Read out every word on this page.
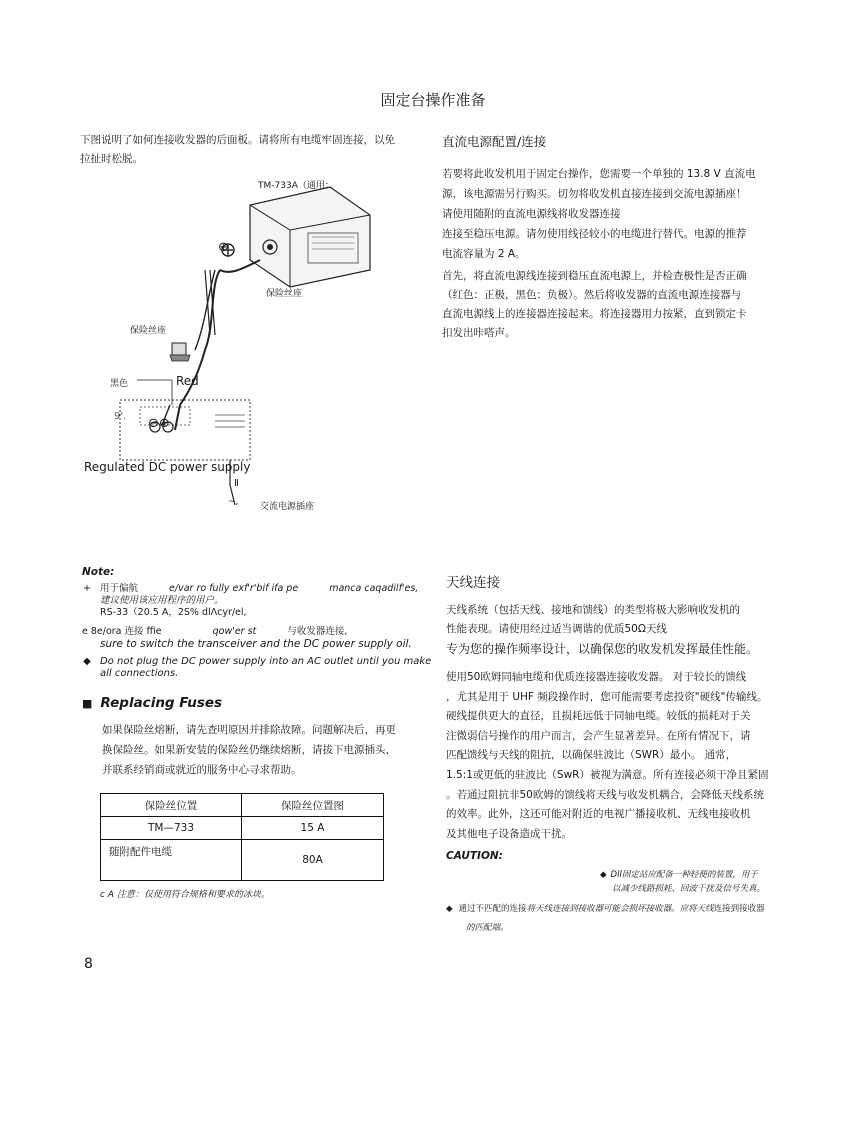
固定台操作准备

下图说明了如何连接收发器的后面板。请将所有电缆牢固连接，以免

拉扯时松脱。

TM-733A（通用；
⊕
保险丝座
保险丝座
黑色	Red
9'. ⊖⊕
Regulated DC power supply
Ⅱ
~, 交流电源插座
Note:
+ 用于偏航	e/var ro fully exf'r'bif ifa pe	manca caqadilf'es,
建议使用该应用程序的用户。
RS-33（20.5 A，2S% dlΛcyr/el,
e 8e/ora 连接 ffie	qow'er st	与收发器连接,
sure to switch the transceiver and the DC power supply oil.
◆ Do not plug the DC power supply into an AC outlet until you make
all connections.
■ Replacing Fuses

如果保险丝熔断，请先查明原因并排除故障。问题解决后，再更

换保险丝。如果新安装的保险丝仍继续熔断，请拔下电源插头，

并联系经销商或就近的服务中心寻求帮助。

保险丝位置	保险丝位置图
TM—733	15 A
随附配件电缆	80A
c A 注意：仅使用符合规格和要求的冰块。
8
直流电源配置/连接

若要将此收发机用于固定台操作，您需要一个单独的 13.8 V 直流电

源，该电源需另行购买。切勿将收发机直接连接到交流电源插座！

请使用随附的直流电源线将收发器连接

连接至稳压电源。请勿使用线径较小的电缆进行替代。电源的推荐

电流容量为 2 A。

首先，将直流电源线连接到稳压直流电源上，并检查极性是否正确

（红色：正极，黑色：负极）。然后将收发器的直流电源连接器与

直流电源线上的连接器连接起来。将连接器用力按紧，直到锁定卡

扣发出咔嗒声。

天线连接

天线系统（包括天线、接地和馈线）的类型将极大影响收发机的

性能表现。请使用经过适当调谐的优质50Ω天线

专为您的操作频率设计，以确保您的收发机发挥最佳性能。

使用50欧姆同轴电缆和优质连接器连接收发器。 对于较长的馈线

，尤其是用于 UHF 频段操作时，您可能需要考虑投资"硬线"传输线。

硬线提供更大的直径，且损耗远低于同轴电缆。较低的损耗对于关

注微弱信号操作的用户而言，会产生显著差异。在所有情况下，请

匹配馈线与天线的阻抗，以确保驻波比（SWR）最小。 通常，

1.5:1或更低的驻波比（SwR）被视为满意。所有连接必须干净且紧固

。若通过阻抗非50欧姆的馈线将天线与收发机耦合，会降低天线系统

的效率。此外，这还可能对附近的电视广播接收机、无线电接收机

及其他电子设备造成干扰。

CAUTION:
◆ Dll固定站应配备一种轻便的装置，用于
以减少线路损耗、回波干扰及信号失真。
◆ 通过不匹配的连接将天线连接到接收器可能会损坏接收器。应将天线连接到接收器
的匹配端。
